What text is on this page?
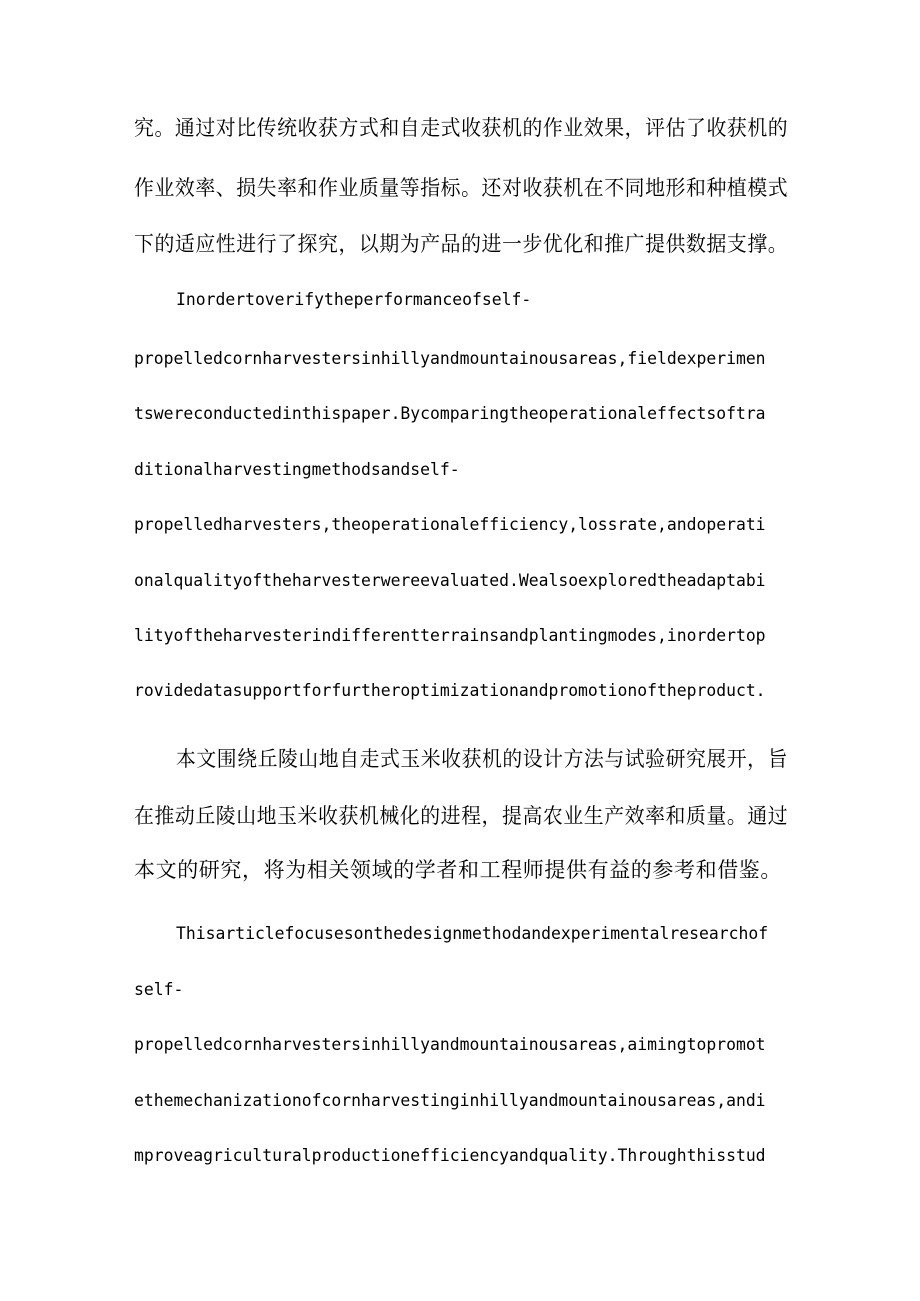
究。通过对比传统收获方式和自走式收获机的作业效果，评估了收获机的
作业效率、损失率和作业质量等指标。还对收获机在不同地形和种植模式
下的适应性进行了探究，以期为产品的进一步优化和推广提供数据支撑。
Inordertoverifytheperformanceofself-
propelledcornharvestersinhillyandmountainousareas,fieldexperimen
tswereconductedinthispaper.Bycomparingtheoperationaleffectsoftra
ditionalharvestingmethodsandself-
propelledharvesters,theoperationalefficiency,lossrate,andoperati
onalqualityoftheharvesterwereevaluated.Wealsoexploredtheadaptabi
lityoftheharvesterindifferentterrainsandplantingmodes,inordertop
rovidedatasupportforfurtheroptimizationandpromotionoftheproduct.
本文围绕丘陵山地自走式玉米收获机的设计方法与试验研究展开，旨
在推动丘陵山地玉米收获机械化的进程，提高农业生产效率和质量。通过
本文的研究，将为相关领域的学者和工程师提供有益的参考和借鉴。
Thisarticlefocusesonthedesignmethodandexperimentalresearchof
self-
propelledcornharvestersinhillyandmountainousareas,aimingtopromot
ethemechanizationofcornharvestinginhillyandmountainousareas,andi
mproveagriculturalproductionefficiencyandquality.Throughthisstud
